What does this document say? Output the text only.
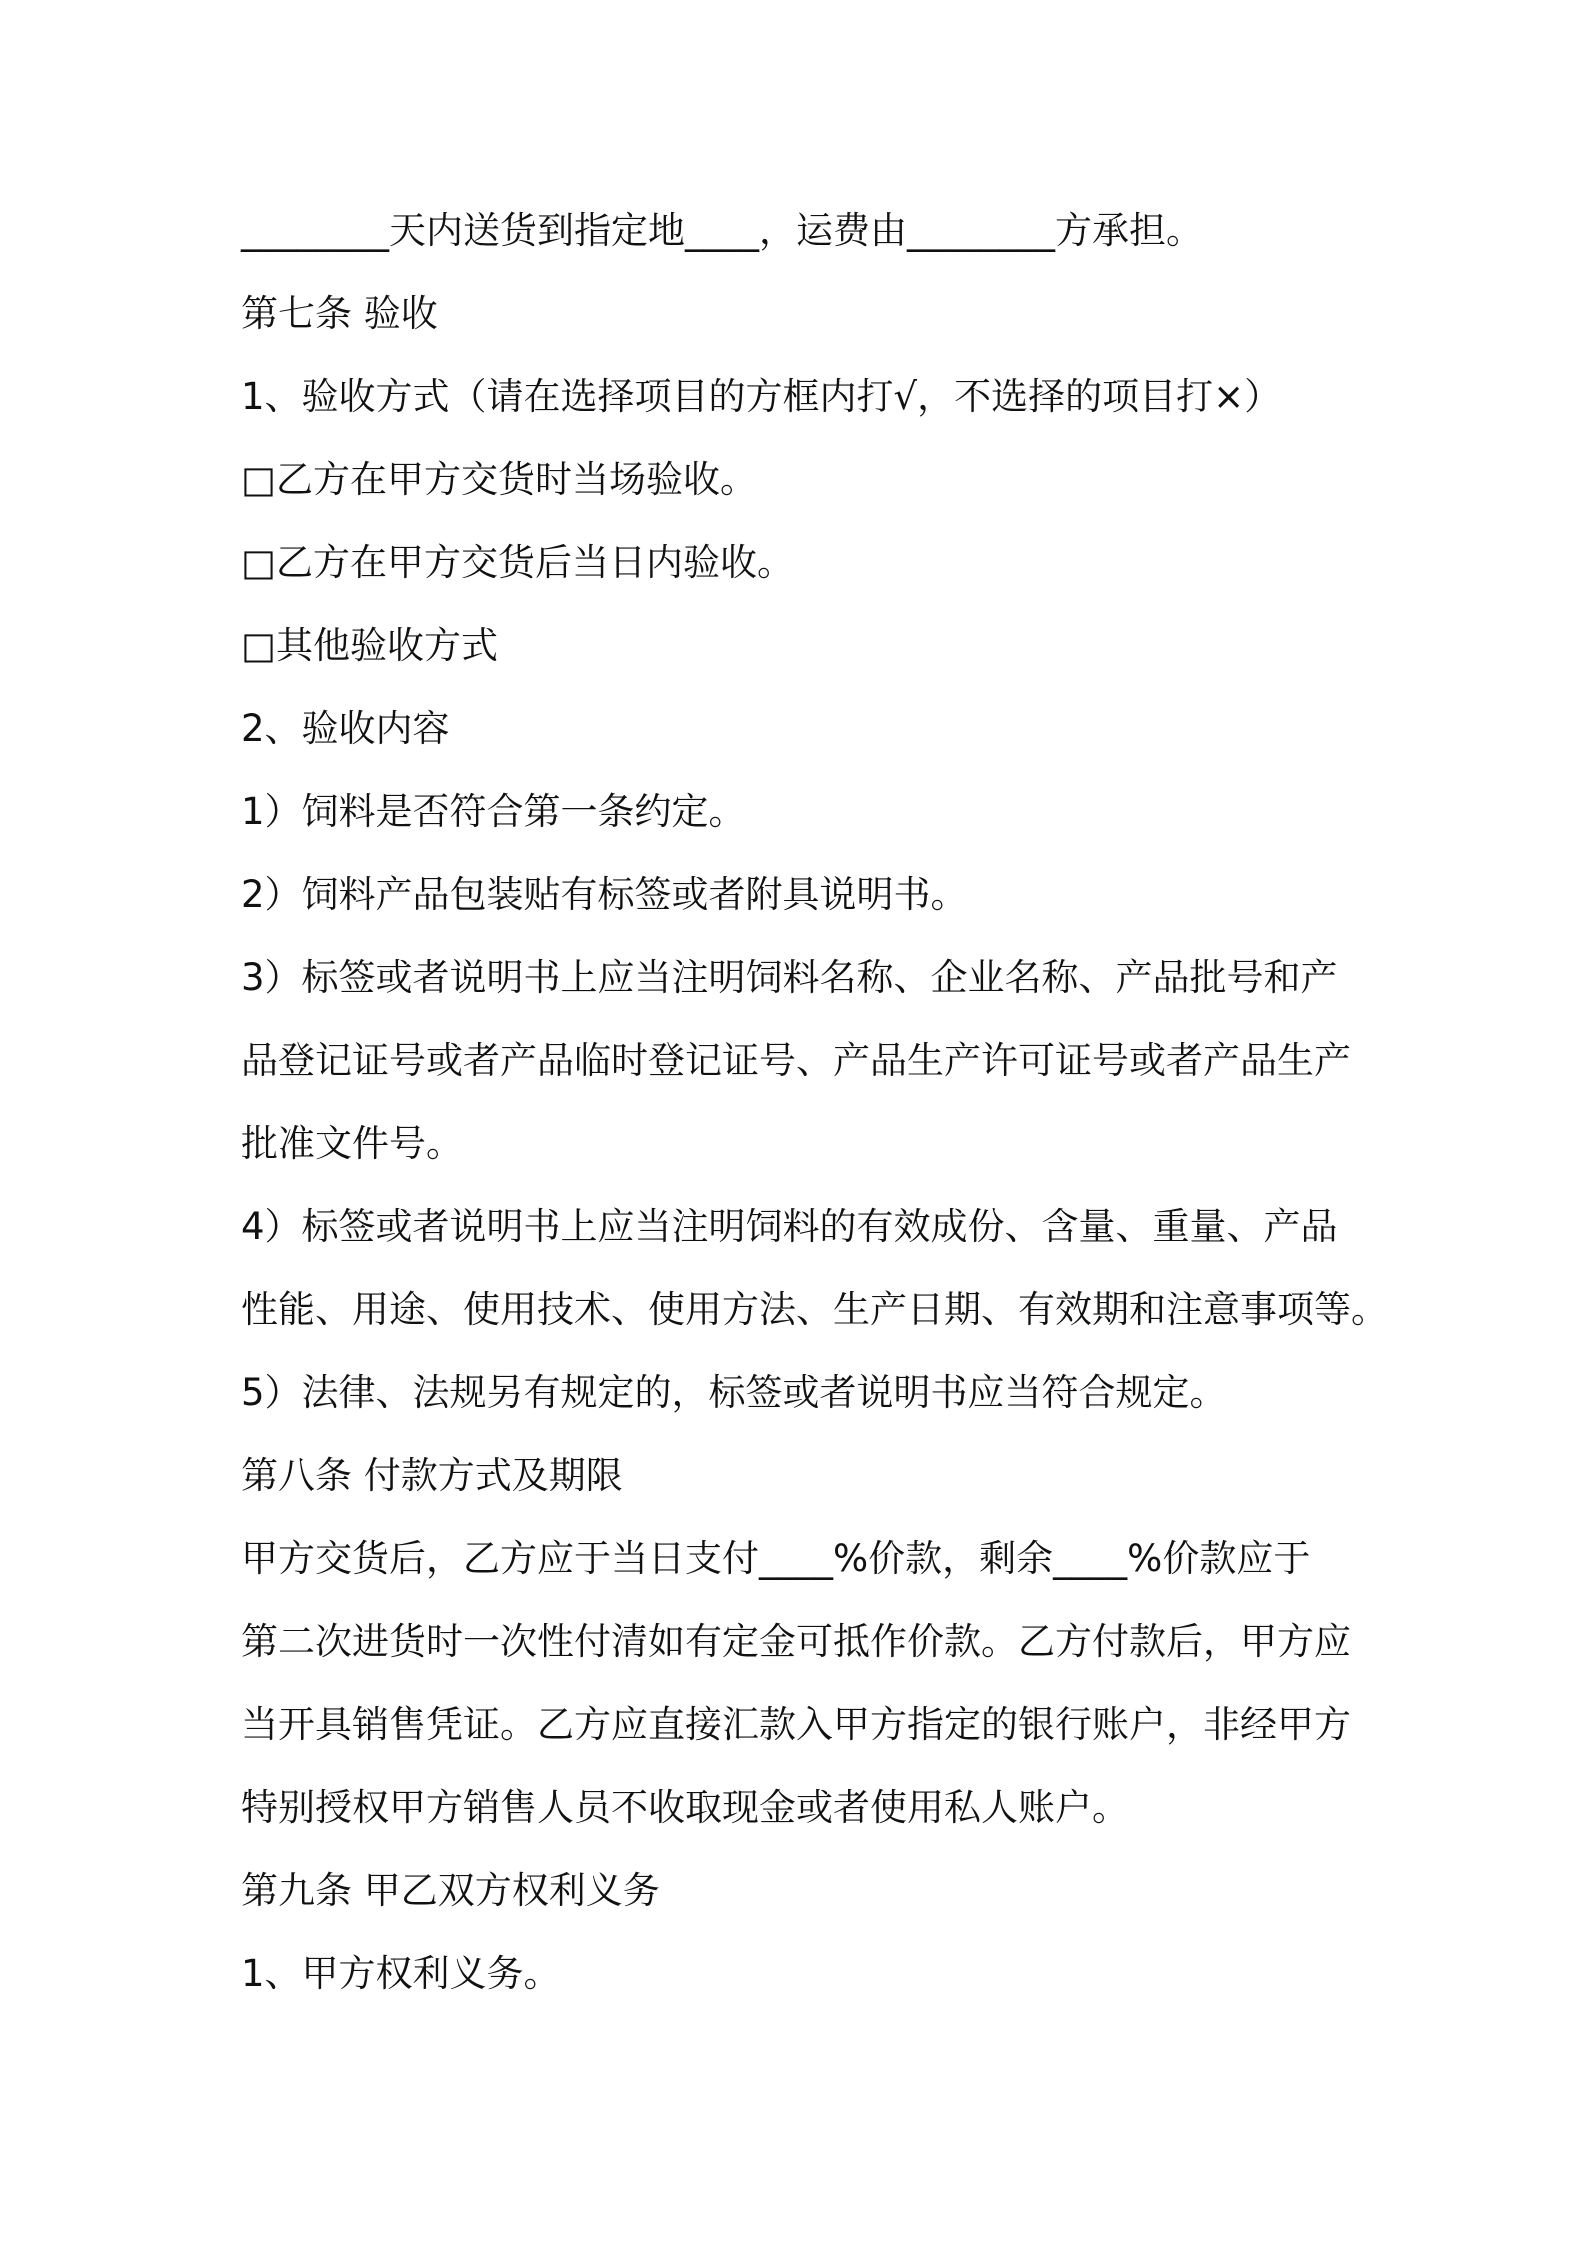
________天内送货到指定地____，运费由________方承担。
第七条 验收
1、验收方式（请在选择项目的方框内打√，不选择的项目打×）
□乙方在甲方交货时当场验收。
□乙方在甲方交货后当日内验收。
□其他验收方式
2、验收内容
1）饲料是否符合第一条约定。
2）饲料产品包装贴有标签或者附具说明书。
3）标签或者说明书上应当注明饲料名称、企业名称、产品批号和产
品登记证号或者产品临时登记证号、产品生产许可证号或者产品生产
批准文件号。
4）标签或者说明书上应当注明饲料的有效成份、含量、重量、产品
性能、用途、使用技术、使用方法、生产日期、有效期和注意事项等。
5）法律、法规另有规定的，标签或者说明书应当符合规定。
第八条 付款方式及期限
甲方交货后，乙方应于当日支付____%价款，剩余____%价款应于
第二次进货时一次性付清如有定金可抵作价款。乙方付款后，甲方应
当开具销售凭证。乙方应直接汇款入甲方指定的银行账户，非经甲方
特别授权甲方销售人员不收取现金或者使用私人账户。
第九条 甲乙双方权利义务
1、甲方权利义务。
